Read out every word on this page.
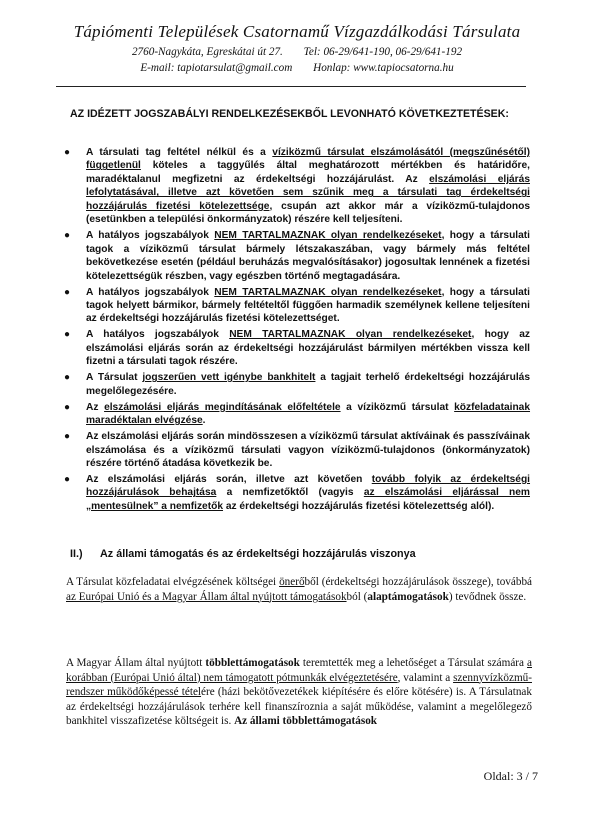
Tápiómenti Települések Csatornamű Vízgazdálkodási Társulata
2760-Nagykáta, Egreskátai út 27. Tel: 06-29/641-190, 06-29/641-192
E-mail: tapiotarsulat@gmail.com Honlap: www.tapiocsatorna.hu
AZ IDÉZETT JOGSZABÁLYI RENDELKEZÉSEKBŐL LEVONHATÓ KÖVETKEZTETÉSEK:
● A társulati tag feltétel nélkül és a víziközmű társulat elszámolásától (megszűnésétől) függetlenül köteles a taggyűlés által meghatározott mértékben és határidőre, maradéktalanul megfizetni az érdekeltségi hozzájárulást. Az elszámolási eljárás lefolytatásával, illetve azt követően sem szűnik meg a társulati tag érdekeltségi hozzájárulás fizetési kötelezettsége, csupán azt akkor már a víziközmű-tulajdonos (esetünkben a települési önkormányzatok) részére kell teljesíteni.
● A hatályos jogszabályok NEM TARTALMAZNAK olyan rendelkezéseket, hogy a társulati tagok a víziközmű társulat bármely létszakaszában, vagy bármely más feltétel bekövetkezése esetén (például beruházás megvalósításakor) jogosultak lennének a fizetési kötelezettségük részben, vagy egészben történő megtagadására.
● A hatályos jogszabályok NEM TARTALMAZNAK olyan rendelkezéseket, hogy a társulati tagok helyett bármikor, bármely feltételtől függően harmadik személynek kellene teljesíteni az érdekeltségi hozzájárulás fizetési kötelezettséget.
● A hatályos jogszabályok NEM TARTALMAZNAK olyan rendelkezéseket, hogy az elszámolási eljárás során az érdekeltségi hozzájárulást bármilyen mértékben vissza kell fizetni a társulati tagok részére.
● A Társulat jogszerűen vett igénybe bankhitelt a tagjait terhelő érdekeltségi hozzájárulás megelőlegezésére.
● Az elszámolási eljárás megindításának előfeltétele a víziközmű társulat közfeladatainak maradéktalan elvégzése.
● Az elszámolási eljárás során mindösszesen a víziközmű társulat aktíváinak és passzíváinak elszámolása és a víziközmű társulati vagyon víziközmű-tulajdonos (önkormányzatok) részére történő átadása következik be.
● Az elszámolási eljárás során, illetve azt követően tovább folyik az érdekeltségi hozzájárulások behajtása a nemfizetőktől (vagyis az elszámolási eljárással nem „mentesülnek” a nemfizetők az érdekeltségi hozzájárulás fizetési kötelezettség alól).
II.) Az állami támogatás és az érdekeltségi hozzájárulás viszonya
A Társulat közfeladatai elvégzésének költségei önerőből (érdekeltségi hozzájárulások összege), továbbá az Európai Unió és a Magyar Állam által nyújtott támogatásokból (alaptámogatások) tevődnek össze.
A Magyar Állam által nyújtott többlettámogatások teremtették meg a lehetőséget a Társulat számára a korábban (Európai Unió által) nem támogatott pótmunkák elvégeztetésére, valamint a szennyvízközmű-rendszer működőképessé tételére (házi bekötővezetékek kiépítésére és előre kötésére) is. A Társulatnak az érdekeltségi hozzájárulások terhére kell finanszíroznia a saját működése, valamint a megelőlegező bankhitel visszafizetése költségeit is. Az állami többlettámogatások
Oldal: 3 / 7
